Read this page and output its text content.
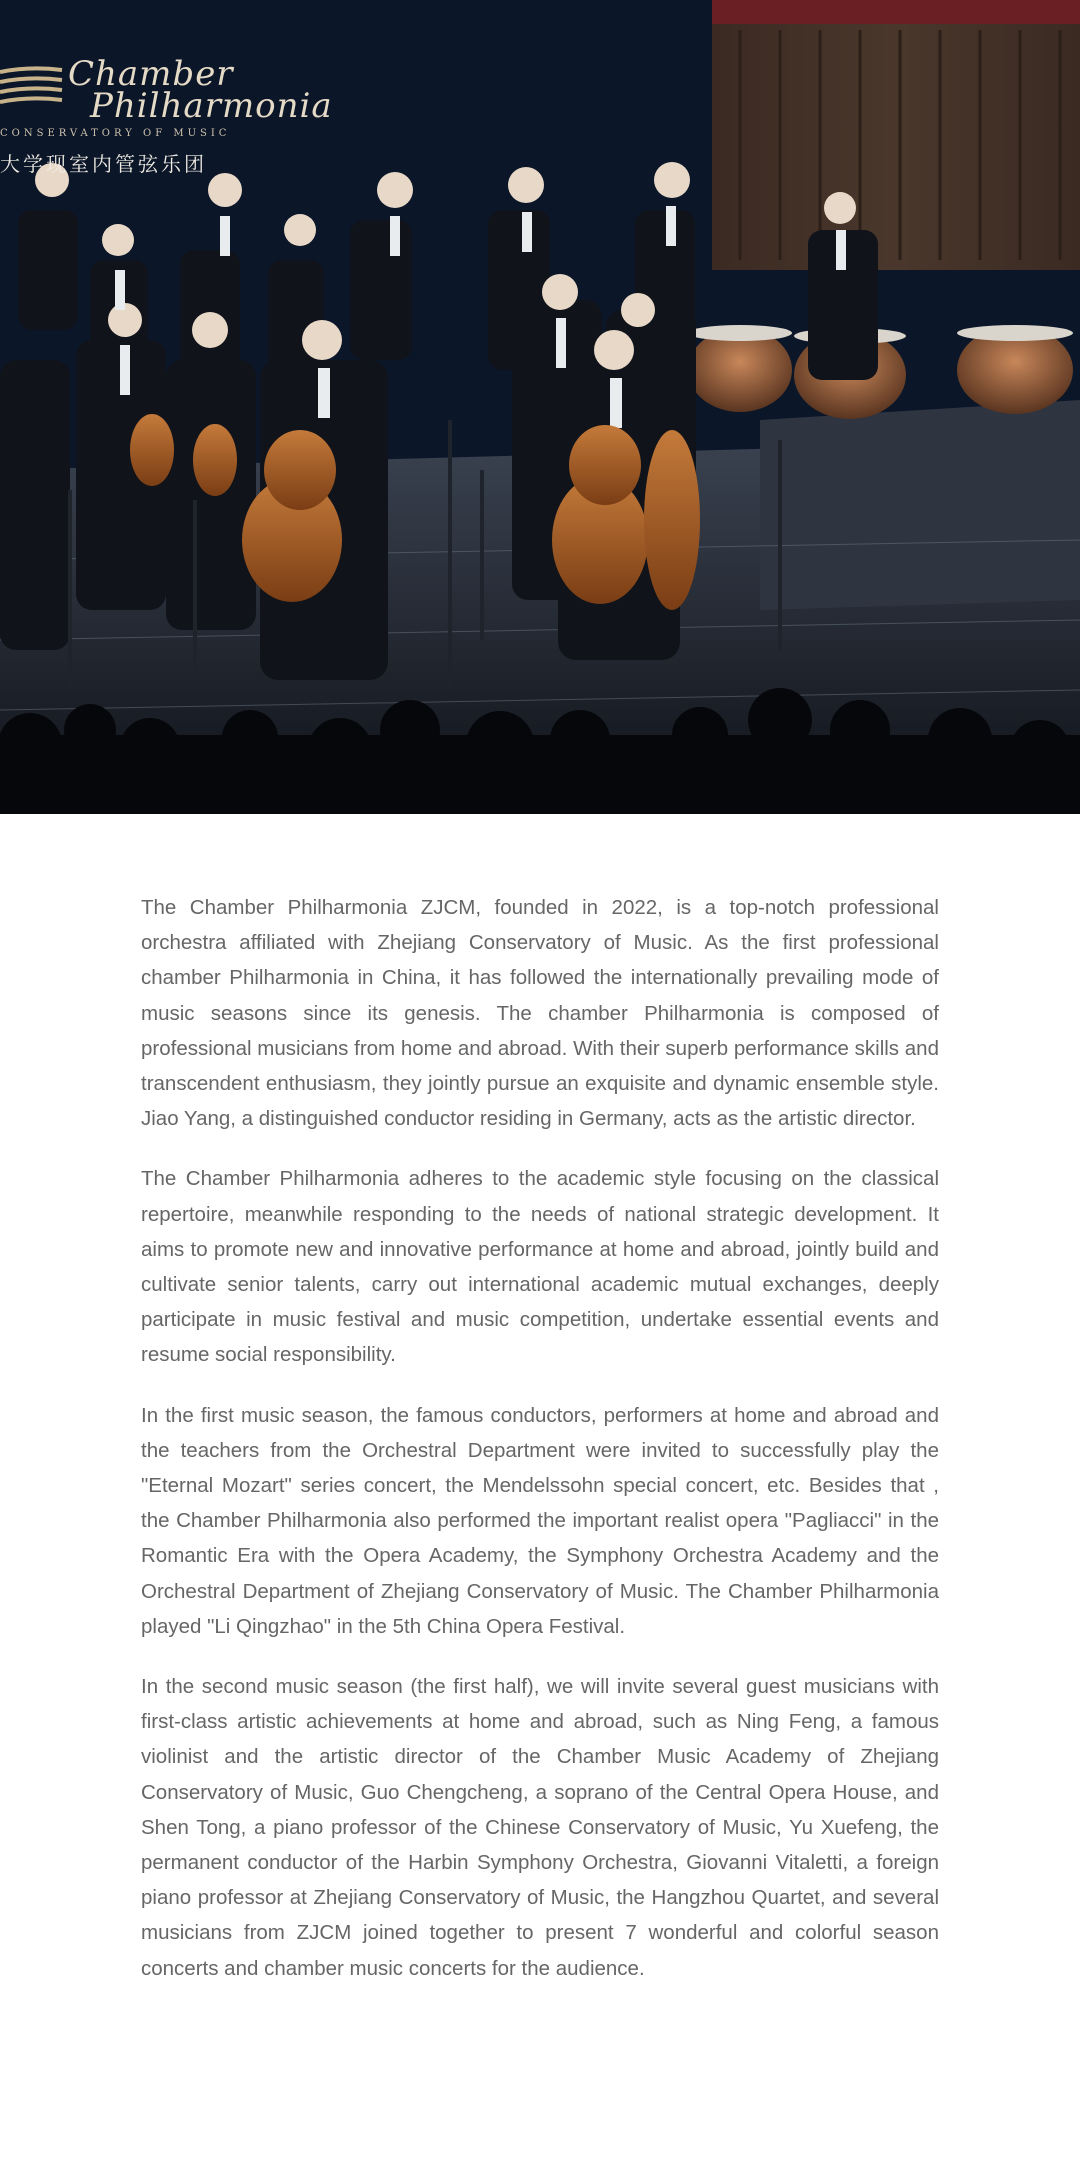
Chamber
Philharmonia
CONSERVATORY OF MUSIC
大学现室内管弦乐团

The Chamber Philharmonia ZJCM, founded in 2022, is a top-notch professional orchestra affiliated with Zhejiang Conservatory of Music. As the first professional chamber Philharmonia in China, it has followed the internationally prevailing mode of music seasons since its genesis. The chamber Philharmonia is composed of professional musicians from home and abroad. With their superb performance skills and transcendent enthusiasm, they jointly pursue an exquisite and dynamic ensemble style. Jiao Yang, a distinguished conductor residing in Germany, acts as the artistic director.

The Chamber Philharmonia adheres to the academic style focusing on the classical repertoire, meanwhile responding to the needs of national strategic development. It aims to promote new and innovative performance at home and abroad, jointly build and cultivate senior talents, carry out international academic mutual exchanges, deeply participate in music festival and music competition, undertake essential events and resume social responsibility.

In the first music season, the famous conductors, performers at home and abroad and the teachers from the Orchestral Department were invited to successfully play the "Eternal Mozart" series concert, the Mendelssohn special concert, etc. Besides that , the Chamber Philharmonia also performed the important realist opera "Pagliacci" in the Romantic Era with the Opera Academy, the Symphony Orchestra Academy and the Orchestral Department of Zhejiang Conservatory of Music. The Chamber Philharmonia played "Li Qingzhao" in the 5th China Opera Festival.

In the second music season (the first half), we will invite several guest musicians with first-class artistic achievements at home and abroad, such as Ning Feng, a famous violinist and the artistic director of the Chamber Music Academy of Zhejiang Conservatory of Music, Guo Chengcheng, a soprano of the Central Opera House, and Shen Tong, a piano professor of the Chinese Conservatory of Music, Yu Xuefeng, the permanent conductor of the Harbin Symphony Orchestra, Giovanni Vitaletti, a foreign piano professor at Zhejiang Conservatory of Music, the Hangzhou Quartet, and several musicians from ZJCM joined together to present 7 wonderful and colorful season concerts and chamber music concerts for the audience.
